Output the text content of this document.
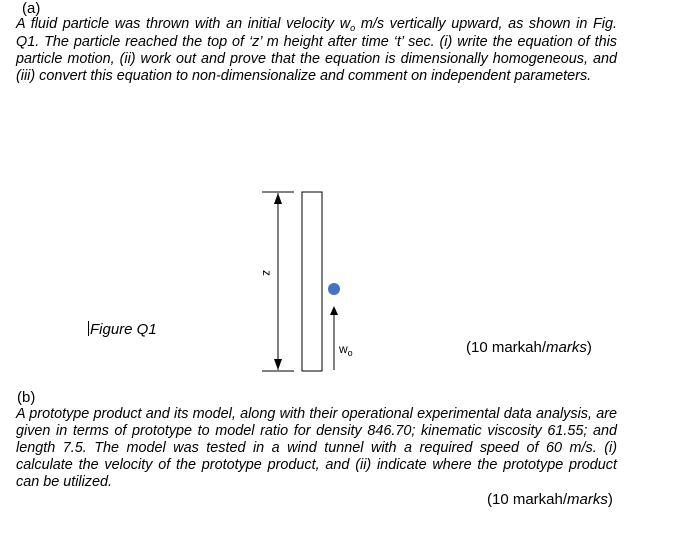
(a)
A fluid particle was thrown with an initial velocity $w_o$ m/s vertically upward, as shown in Fig. Q1. The particle reached the top of ‘z’ m height after time ‘t’ sec. (i) write the equation of this particle motion, (ii) work out and prove that the equation is dimensionally homogeneous, and (iii) convert this equation to non-dimensionalize and comment on independent parameters.
Figure Q1
z
$w_o$	(10 markah/marks)
(b)
A prototype product and its model, along with their operational experimental data analysis, are given in terms of prototype to model ratio for density 846.70; kinematic viscosity 61.55; and length 7.5. The model was tested in a wind tunnel with a required speed of 60 m/s. (i) calculate the velocity of the prototype product, and (ii) indicate where the prototype product can be utilized.
(10 markah/marks)
